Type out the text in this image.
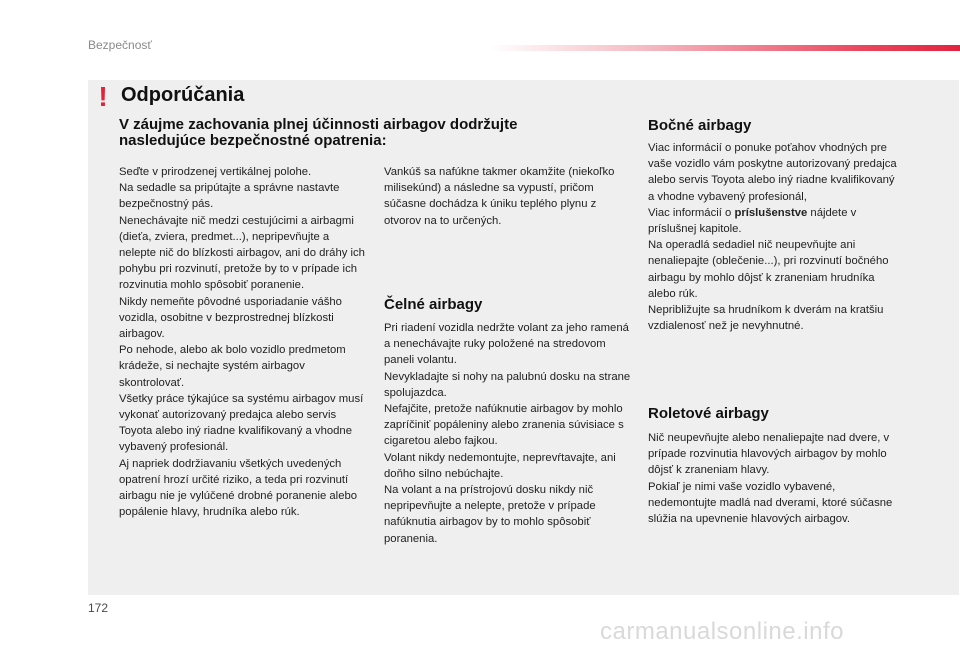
Bezpečnosť
! Odporúčania
V záujme zachovania plnej účinnosti airbagov dodržujte nasledujúce bezpečnostné opatrenia:

Seďte v prirodzenej vertikálnej polohe.

Na sedadle sa pripútajte a správne nastavte bezpečnostný pás.

Nenechávajte nič medzi cestujúcimi a airbagmi (dieťa, zviera, predmet...), nepripevňujte a nelepte nič do blízkosti airbagov, ani do dráhy ich pohybu pri rozvinutí, pretože by to v prípade ich rozvinutia mohlo spôsobiť poranenie.

Nikdy nemeňte pôvodné usporiadanie vášho vozidla, osobitne v bezprostrednej blízkosti airbagov.

Po nehode, alebo ak bolo vozidlo predmetom krádeže, si nechajte systém airbagov skontrolovať.

Všetky práce týkajúce sa systému airbagov musí vykonať autorizovaný predajca alebo servis Toyota alebo iný riadne kvalifikovaný a vhodne vybavený profesionál.

Aj napriek dodržiavaniu všetkých uvedených opatrení hrozí určité riziko, a teda pri rozvinutí airbagu nie je vylúčené drobné poranenie alebo popálenie hlavy, hrudníka alebo rúk.

Vankúš sa nafúkne takmer okamžite (niekoľko milisekúnd) a následne sa vypustí, pričom súčasne dochádza k úniku teplého plynu z otvorov na to určených.

Čelné airbagy

Pri riadení vozidla nedržte volant za jeho ramená a nenechávajte ruky položené na stredovom paneli volantu.

Nevykladajte si nohy na palubnú dosku na strane spolujazdca.

Nefajčite, pretože nafúknutie airbagov by mohlo zapríčiniť popáleniny alebo zranenia súvisiace s cigaretou alebo fajkou.

Volant nikdy nedemontujte, neprevŕtavajte, ani doňho silno nebúchajte.

Na volant a na prístrojovú dosku nikdy nič nepripevňujte a nelepte, pretože v prípade nafúknutia airbagov by to mohlo spôsobiť poranenia.

Bočné airbagy

Viac informácií o ponuke poťahov vhodných pre vaše vozidlo vám poskytne autorizovaný predajca alebo servis Toyota alebo iný riadne kvalifikovaný a vhodne vybavený profesionál,

Viac informácií o príslušenstve nájdete v príslušnej kapitole.

Na operadlá sedadiel nič neupevňujte ani nenaliepajte (oblečenie...), pri rozvinutí bočného airbagu by mohlo dôjsť k zraneniam hrudníka alebo rúk.

Nepribližujte sa hrudníkom k dverám na kratšiu vzdialenosť než je nevyhnutné.

Roletové airbagy

Nič neupevňujte alebo nenaliepajte nad dvere, v prípade rozvinutia hlavových airbagov by mohlo dôjsť k zraneniam hlavy.

Pokiaľ je nimi vaše vozidlo vybavené, nedemontujte madlá nad dverami, ktoré súčasne slúžia na upevnenie hlavových airbagov.

172
carmanualsonline.info
